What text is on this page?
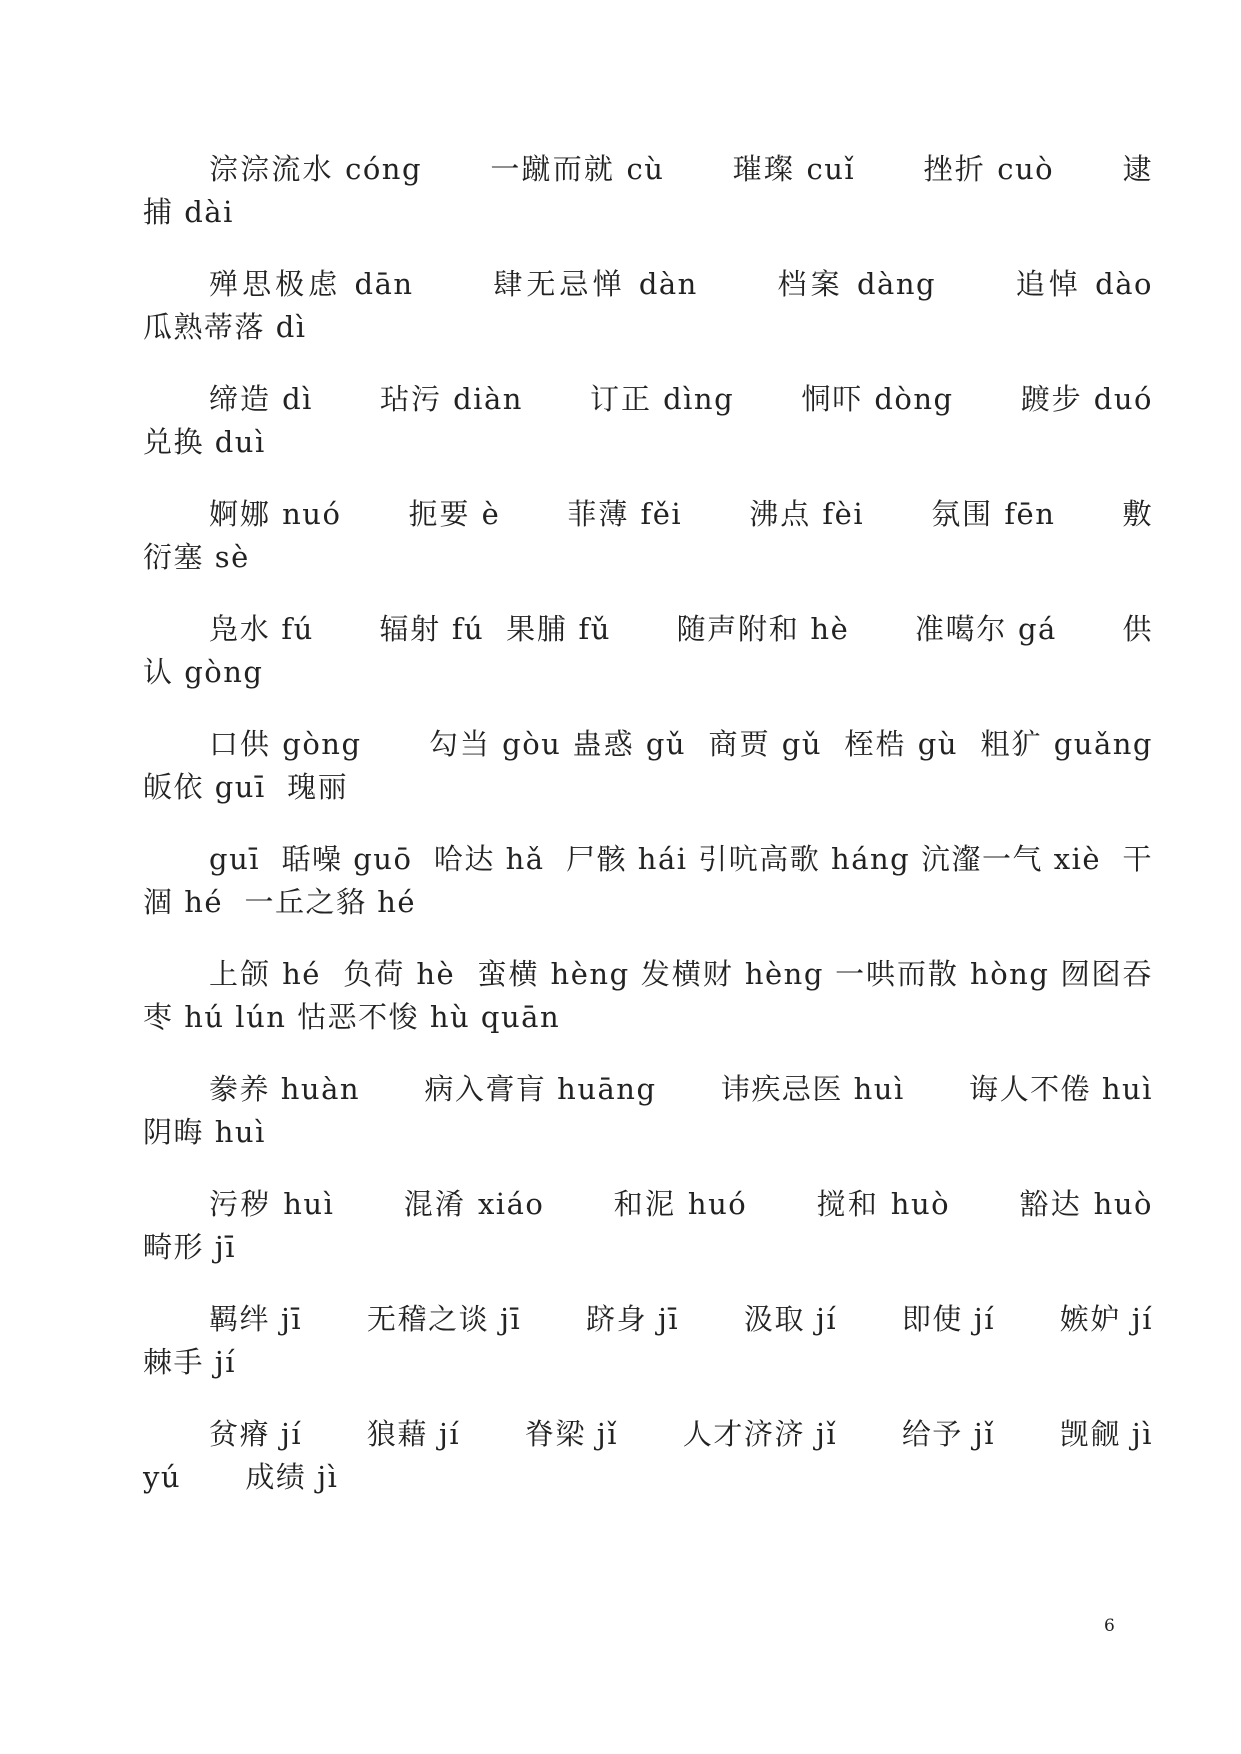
淙淙流水 cóng      一蹴而就 cù      璀璨 cuǐ      挫折 cuò      逮捕 dài

殚思极虑 dān      肆无忌惮 dàn      档案 dàng      追悼 dào      瓜熟蒂落 dì

缔造 dì      玷污 diàn      订正 dìng      恫吓 dòng      踱步 duó      兑换 duì

婀娜 nuó      扼要 è      菲薄 fěi      沸点 fèi      氛围 fēn      敷衍塞 sè

凫水 fú      辐射 fú  果脯 fǔ      随声附和 hè      准噶尔 gá      供认 gòng

口供 gòng      勾当 gòu 蛊惑 gǔ  商贾 gǔ  桎梏 gù  粗犷 guǎng 皈依 guī  瑰丽

guī  聒噪 guō  哈达 hǎ  尸骸 hái 引吭高歌 háng 沆瀣一气 xiè  干涸 hé  一丘之貉 hé

上颌 hé  负荷 hè  蛮横 hèng 发横财 hèng 一哄而散 hòng 囫囵吞枣 hú lún 怙恶不悛 hù quān

豢养 huàn      病入膏肓 huāng      讳疾忌医 huì      诲人不倦 huì      阴晦 huì

污秽 huì      混淆 xiáo      和泥 huó      搅和 huò      豁达 huò      畸形 jī

羁绊 jī      无稽之谈 jī      跻身 jī      汲取 jí      即使 jí      嫉妒 jí      棘手 jí

贫瘠 jí      狼藉 jí      脊梁 jǐ      人才济济 jǐ      给予 jǐ      觊觎 jì yú      成绩 jì

6
